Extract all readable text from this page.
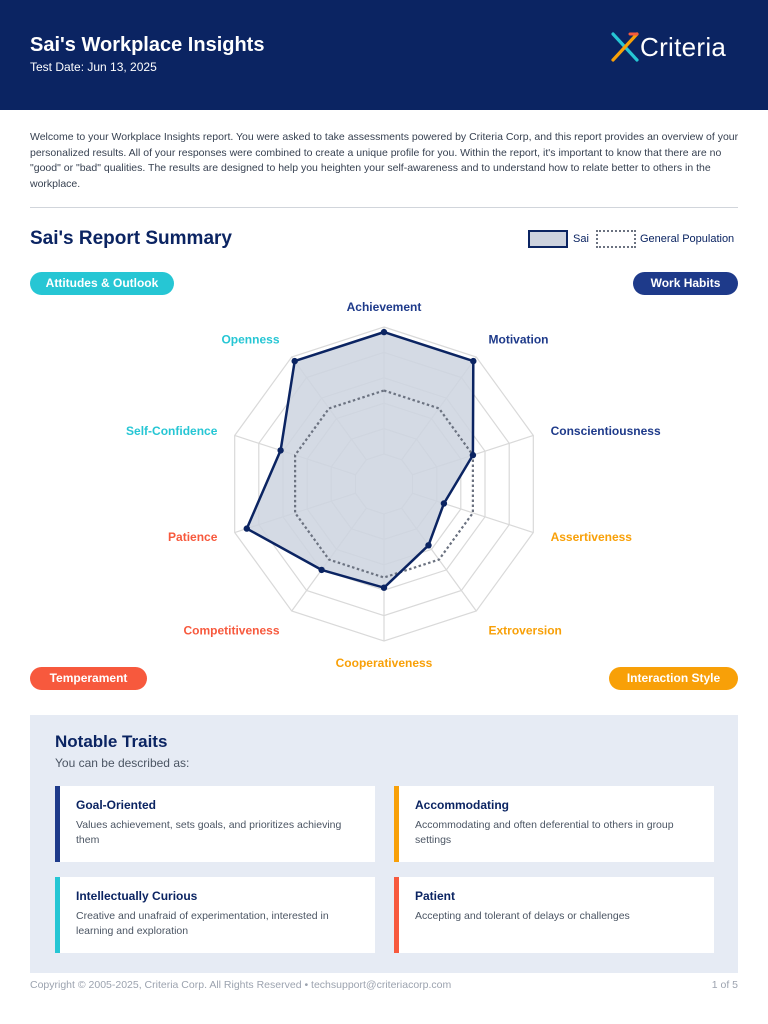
Sai's Workplace Insights
Test Date: Jun 13, 2025
Criteria
Welcome to your Workplace Insights report. You were asked to take assessments powered by Criteria Corp, and this report provides an overview of your personalized results. All of your responses were combined to create a unique profile for you. Within the report, it's important to know that there are no "good" or "bad" qualities. The results are designed to help you heighten your self-awareness and to understand how to relate better to others in the workplace.
Sai's Report Summary	Sai	General Population
Attitudes & Outlook	Work Habits
Temperament	Interaction Style
Achievement
Motivation
Conscientiousness
Assertiveness
Extroversion
Cooperativeness
Competitiveness
Patience
Self-Confidence
Openness
Notable Traits
You can be described as:
Goal-Oriented
Values achievement, sets goals, and prioritizes achieving them
Accommodating
Accommodating and often deferential to others in group settings
Intellectually Curious
Creative and unafraid of experimentation, interested in learning and exploration
Patient
Accepting and tolerant of delays or challenges
Copyright © 2005-2025, Criteria Corp. All Rights Reserved • techsupport@criteriacorp.com	1 of 5
